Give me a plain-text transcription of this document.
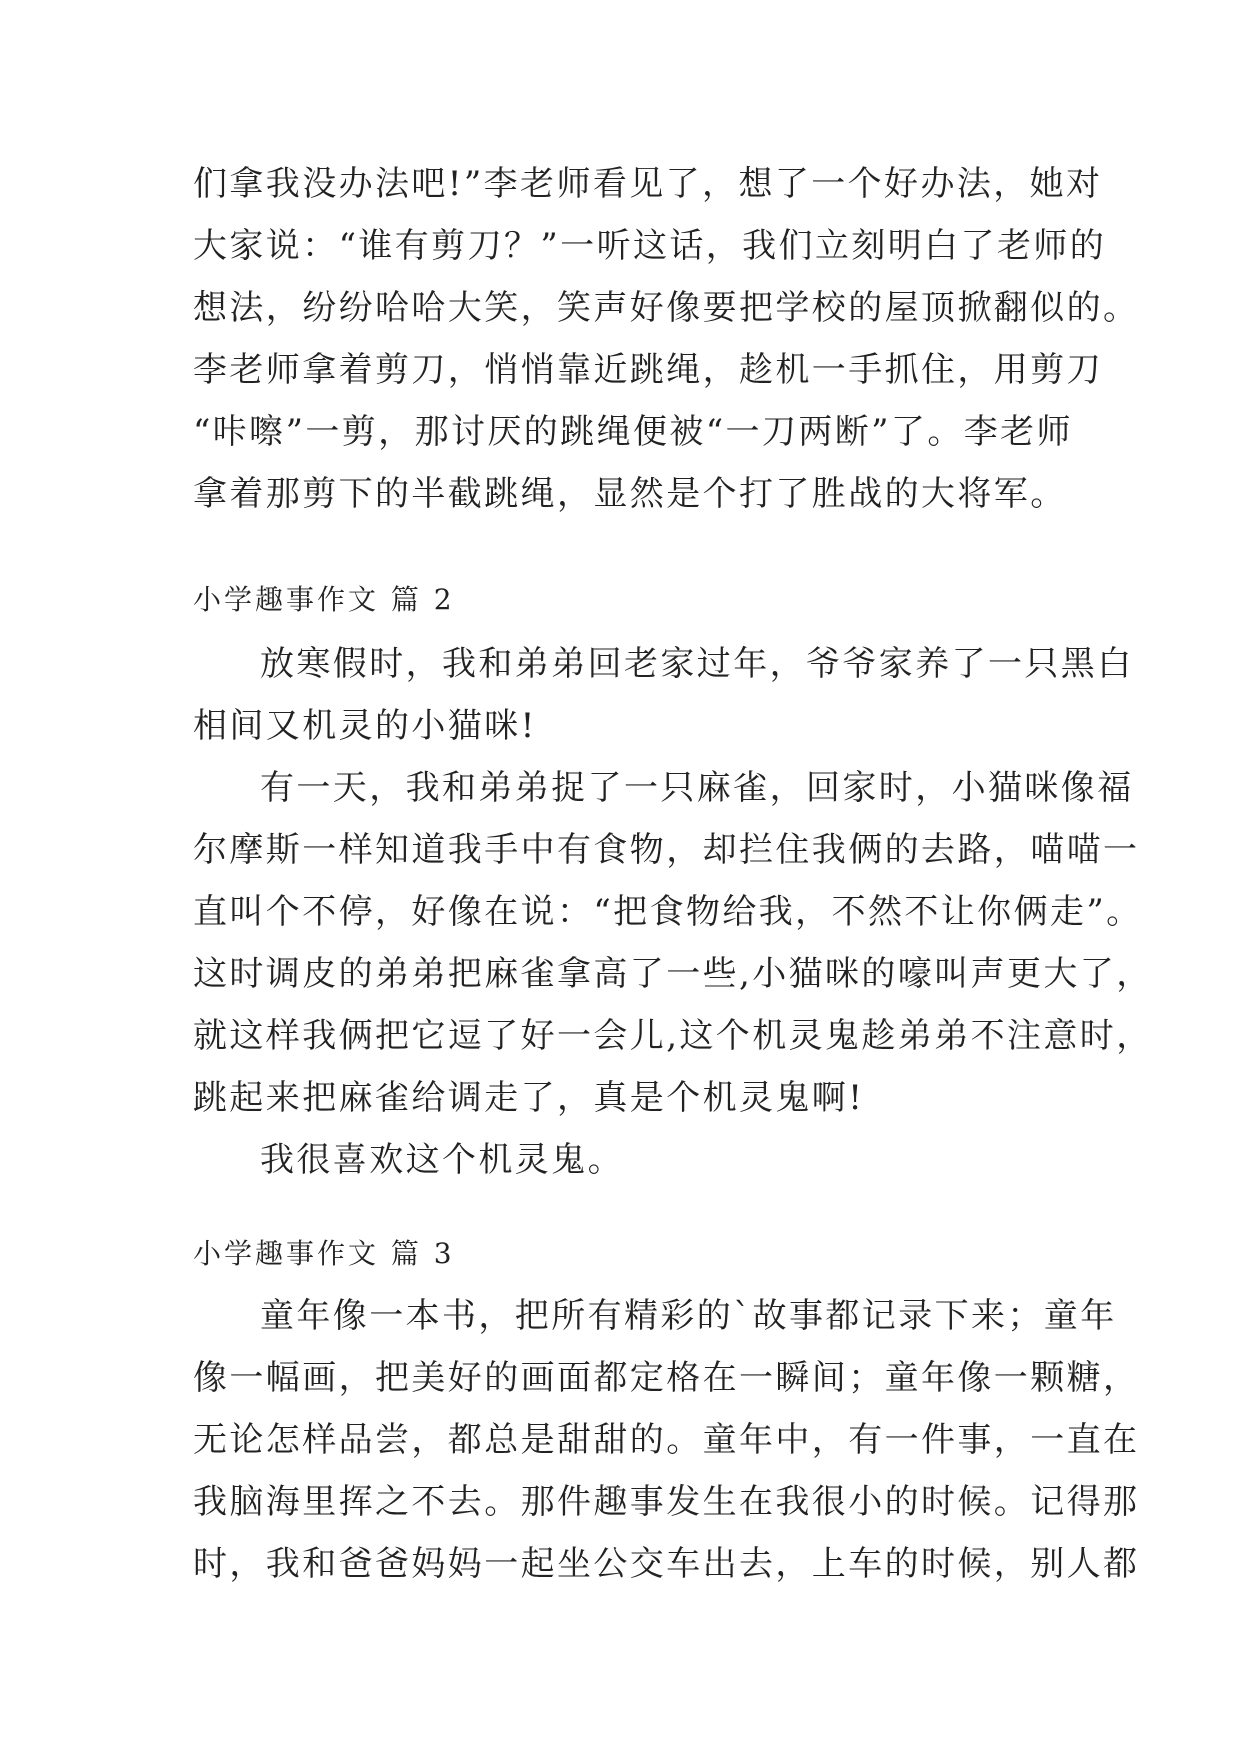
们拿我没办法吧!”李老师看见了，想了一个好办法，她对
大家说：“谁有剪刀？”一听这话，我们立刻明白了老师的
想法，纷纷哈哈大笑，笑声好像要把学校的屋顶掀翻似的。
李老师拿着剪刀，悄悄靠近跳绳，趁机一手抓住，用剪刀
“咔嚓”一剪，那讨厌的跳绳便被“一刀两断”了。李老师
拿着那剪下的半截跳绳，显然是个打了胜战的大将军。
小学趣事作文 篇 2
放寒假时，我和弟弟回老家过年，爷爷家养了一只黑白
相间又机灵的小猫咪!
有一天，我和弟弟捉了一只麻雀，回家时，小猫咪像福
尔摩斯一样知道我手中有食物，却拦住我俩的去路，喵喵一
直叫个不停，好像在说：“把食物给我，不然不让你俩走”。
这时调皮的弟弟把麻雀拿高了一些,小猫咪的嚎叫声更大了，
就这样我俩把它逗了好一会儿,这个机灵鬼趁弟弟不注意时，
跳起来把麻雀给调走了，真是个机灵鬼啊!
我很喜欢这个机灵鬼。
小学趣事作文 篇 3
童年像一本书，把所有精彩的`故事都记录下来；童年
像一幅画，把美好的画面都定格在一瞬间；童年像一颗糖，
无论怎样品尝，都总是甜甜的。童年中，有一件事，一直在
我脑海里挥之不去。那件趣事发生在我很小的时候。记得那
时，我和爸爸妈妈一起坐公交车出去，上车的时候，别人都
